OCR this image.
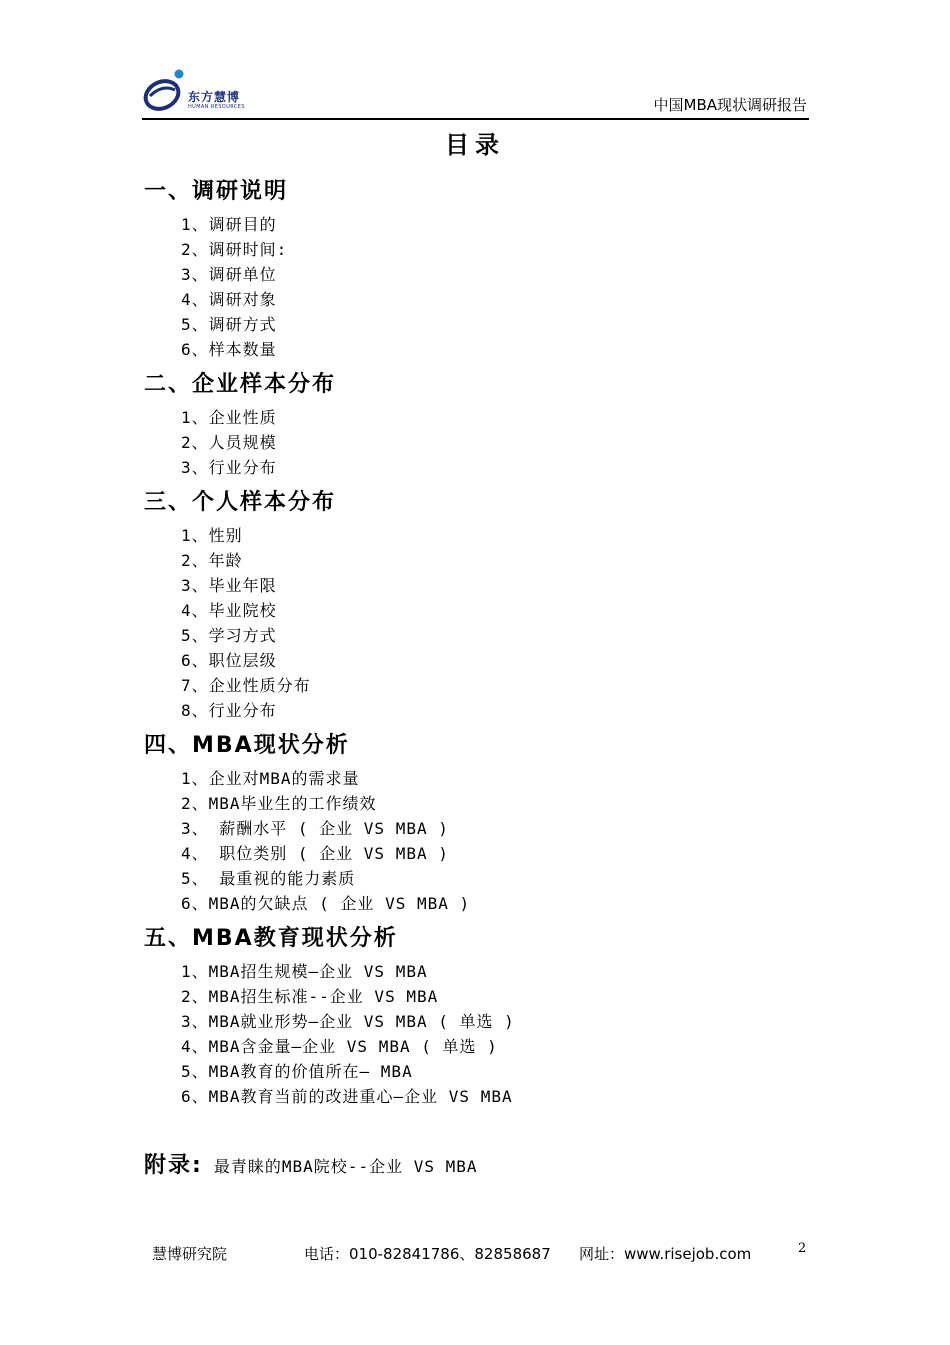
东方慧博
HUMAN RESOURCES	中国MBA现状调研报告
目录
一、调研说明
1、调研目的
2、调研时间:
3、调研单位
4、调研对象
5、调研方式
6、样本数量
二、企业样本分布
1、企业性质
2、人员规模
3、行业分布
三、个人样本分布
1、性别
2、年龄
3、毕业年限
4、毕业院校
5、学习方式
6、职位层级
7、企业性质分布
8、行业分布
四、MBA现状分析
1、企业对MBA的需求量
2、MBA毕业生的工作绩效
3、 薪酬水平 ( 企业 VS MBA )
4、 职位类别 ( 企业 VS MBA )
5、 最重视的能力素质
6、MBA的欠缺点 ( 企业 VS MBA )
五、MBA教育现状分析
1、MBA招生规模—企业 VS MBA
2、MBA招生标准--企业 VS MBA
3、MBA就业形势—企业 VS MBA ( 单选 )
4、MBA含金量—企业 VS MBA ( 单选 )
5、MBA教育的价值所在— MBA
6、MBA教育当前的改进重心—企业 VS MBA
附录: 最青睐的MBA院校--企业 VS MBA
慧博研究院	电话：010-82841786、82858687 网址：www.risejob.com	2
